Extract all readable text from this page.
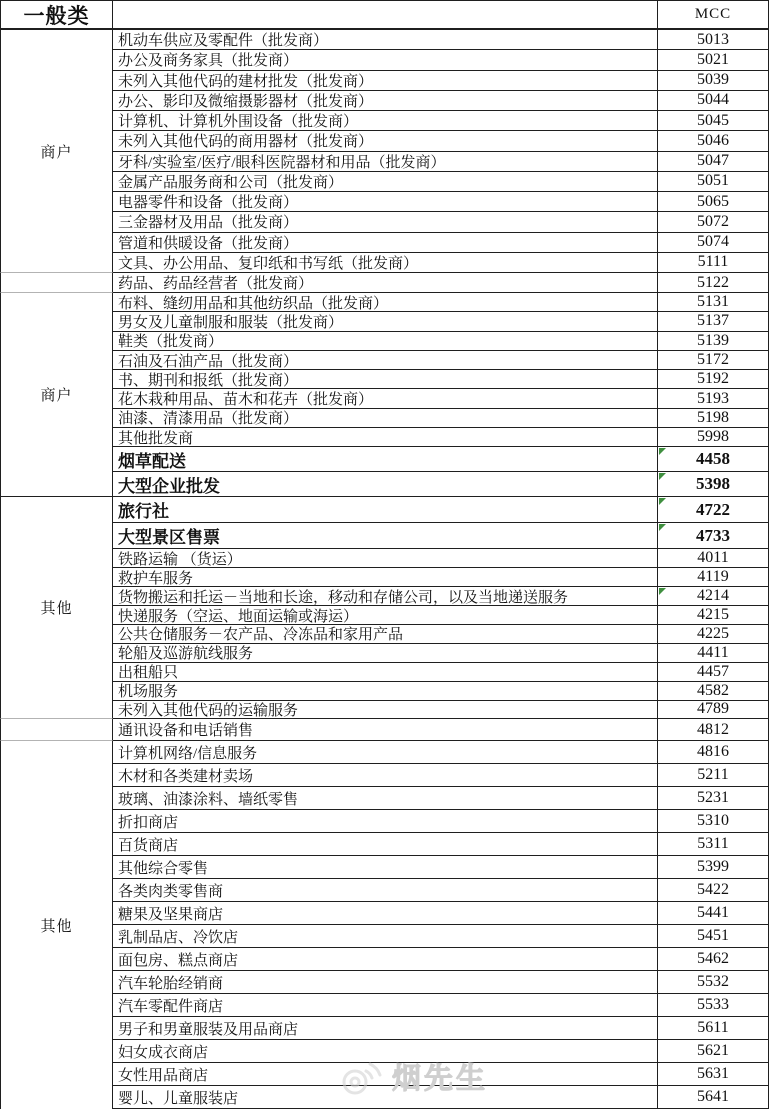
一般类	MCC
商户
机动车供应及零配件（批发商）	5013
办公及商务家具（批发商）	5021
未列入其他代码的建材批发（批发商）	5039
办公、影印及微缩摄影器材（批发商）	5044
计算机、计算机外围设备（批发商）	5045
未列入其他代码的商用器材（批发商）	5046
牙科/实验室/医疗/眼科医院器材和用品（批发商）	5047
金属产品服务商和公司（批发商）	5051
电器零件和设备（批发商）	5065
三金器材及用品（批发商）	5072
管道和供暖设备（批发商）	5074
文具、办公用品、复印纸和书写纸（批发商）	5111
药品、药品经营者（批发商）	5122
商户
布料、缝纫用品和其他纺织品（批发商）	5131
男女及儿童制服和服装（批发商）	5137
鞋类（批发商）	5139
石油及石油产品（批发商）	5172
书、期刊和报纸（批发商）	5192
花木栽种用品、苗木和花卉（批发商）	5193
油漆、清漆用品（批发商）	5198
其他批发商	5998
烟草配送	4458
大型企业批发	5398
其他
旅行社	4722
大型景区售票	4733
铁路运输 （货运）	4011
救护车服务	4119
货物搬运和托运－当地和长途，移动和存储公司，以及当地递送服务	4214
快递服务（空运、地面运输或海运）	4215
公共仓储服务－农产品、冷冻品和家用产品	4225
轮船及巡游航线服务	4411
出租船只	4457
机场服务	4582
未列入其他代码的运输服务	4789
通讯设备和电话销售	4812
其他
计算机网络/信息服务	4816
木材和各类建材卖场	5211
玻璃、油漆涂料、墙纸零售	5231
折扣商店	5310
百货商店	5311
其他综合零售	5399
各类肉类零售商	5422
糖果及坚果商店	5441
乳制品店、冷饮店	5451
面包房、糕点商店	5462
汽车轮胎经销商	5532
汽车零配件商店	5533
男子和男童服装及用品商店	5611
妇女成衣商店	5621
女性用品商店	5631
婴儿、儿童服装店	5641
烟先生
